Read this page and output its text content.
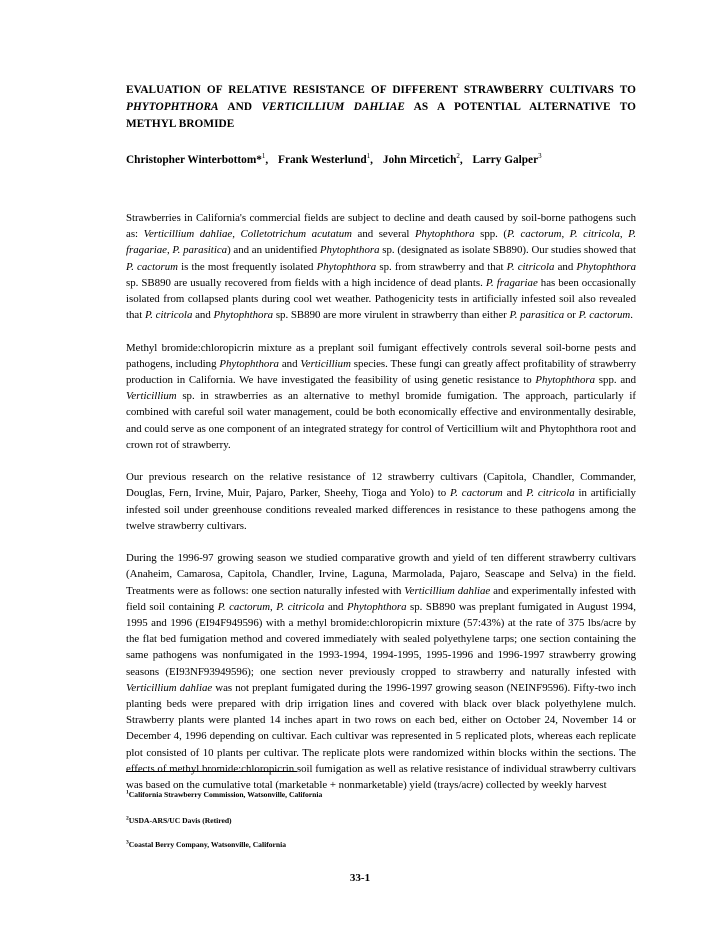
EVALUATION OF RELATIVE RESISTANCE OF DIFFERENT STRAWBERRY CULTIVARS TO PHYTOPHTHORA AND VERTICILLIUM DAHLIAE AS A POTENTIAL ALTERNATIVE TO METHYL BROMIDE
Christopher Winterbottom*$^1$, Frank Westerlund$^1$, John Mircetich$^2$, Larry Galper$^3$

Strawberries in California's commercial fields are subject to decline and death caused by soil-borne pathogens such as: Verticillium dahliae, Colletotrichum acutatum and several Phytophthora spp. (P. cactorum, P. citricola, P. fragariae, P. parasitica) and an unidentified Phytophthora sp. (designated as isolate SB890). Our studies showed that P. cactorum is the most frequently isolated Phytophthora sp. from strawberry and that P. citricola and Phytophthora sp. SB890 are usually recovered from fields with a high incidence of dead plants. P. fragariae has been occasionally isolated from collapsed plants during cool wet weather. Pathogenicity tests in artificially infested soil also revealed that P. citricola and Phytophthora sp. SB890 are more virulent in strawberry than either P. parasitica or P. cactorum.

Methyl bromide:chloropicrin mixture as a preplant soil fumigant effectively controls several soil-borne pests and pathogens, including Phytophthora and Verticillium species. These fungi can greatly affect profitability of strawberry production in California. We have investigated the feasibility of using genetic resistance to Phytophthora spp. and Verticillium sp. in strawberries as an alternative to methyl bromide fumigation. The approach, particularly if combined with careful soil water management, could be both economically effective and environmentally desirable, and could serve as one component of an integrated strategy for control of Verticillium wilt and Phytophthora root and crown rot of strawberry.

Our previous research on the relative resistance of 12 strawberry cultivars (Capitola, Chandler, Commander, Douglas, Fern, Irvine, Muir, Pajaro, Parker, Sheehy, Tioga and Yolo) to P. cactorum and P. citricola in artificially infested soil under greenhouse conditions revealed marked differences in resistance to these pathogens among the twelve strawberry cultivars.

During the 1996-97 growing season we studied comparative growth and yield of ten different strawberry cultivars (Anaheim, Camarosa, Capitola, Chandler, Irvine, Laguna, Marmolada, Pajaro, Seascape and Selva) in the field. Treatments were as follows: one section naturally infested with Verticillium dahliae and experimentally infested with field soil containing P. cactorum, P. citricola and Phytophthora sp. SB890 was preplant fumigated in August 1994, 1995 and 1996 (EI94F949596) with a methyl bromide:chloropicrin mixture (57:43%) at the rate of 375 lbs/acre by the flat bed fumigation method and covered immediately with sealed polyethylene tarps; one section containing the same pathogens was nonfumigated in the 1993-1994, 1994-1995, 1995-1996 and 1996-1997 strawberry growing seasons (EI93NF93949596); one section never previously cropped to strawberry and naturally infested with Verticillium dahliae was not preplant fumigated during the 1996-1997 growing season (NEINF9596). Fifty-two inch planting beds were prepared with drip irrigation lines and covered with black over black polyethylene mulch. Strawberry plants were planted 14 inches apart in two rows on each bed, either on October 24, November 14 or December 4, 1996 depending on cultivar. Each cultivar was represented in 5 replicated plots, whereas each replicate plot consisted of 10 plants per cultivar. The replicate plots were randomized within blocks within the sections. The effects of methyl bromide:chloropicrin soil fumigation as well as relative resistance of individual strawberry cultivars was based on the cumulative total (marketable + nonmarketable) yield (trays/acre) collected by weekly harvest

$^1$California Strawberry Commission, Watsonville, California
$^2$USDA-ARS/UC Davis (Retired)
$^3$Coastal Berry Company, Watsonville, California
33-1
